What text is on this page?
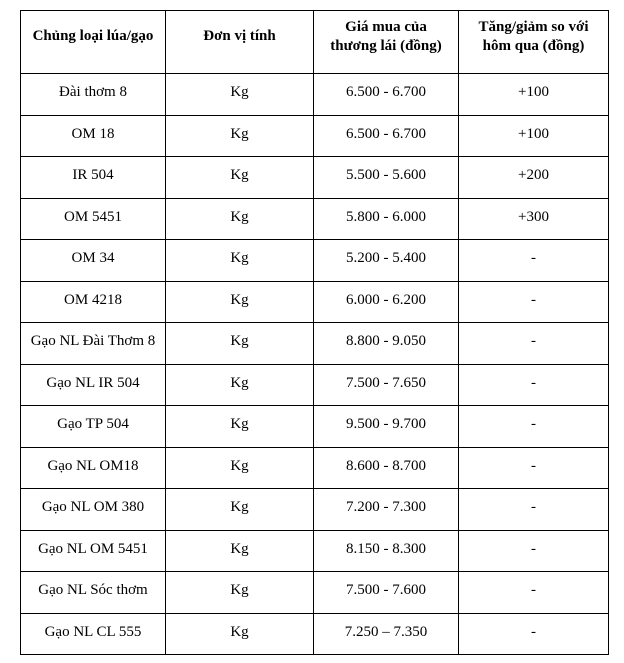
Chủng loại lúa/gạo	Đơn vị tính	Giá mua của thương lái (đồng)	Tăng/giảm so với hôm qua (đồng)
Đài thơm 8	Kg	6.500 - 6.700	+100
OM 18	Kg	6.500 - 6.700	+100
IR 504	Kg	5.500 - 5.600	+200
OM 5451	Kg	5.800 - 6.000	+300
OM 34	Kg	5.200 - 5.400	-
OM 4218	Kg	6.000 - 6.200	-
Gạo NL Đài Thơm 8	Kg	8.800 - 9.050	-
Gạo NL IR 504	Kg	7.500 - 7.650	-
Gạo TP 504	Kg	9.500 - 9.700	-
Gạo NL OM18	Kg	8.600 - 8.700	-
Gạo NL OM 380	Kg	7.200 - 7.300	-
Gạo NL OM 5451	Kg	8.150 - 8.300	-
Gạo NL Sóc thơm	Kg	7.500 - 7.600	-
Gạo NL CL 555	Kg	7.250 – 7.350	-
